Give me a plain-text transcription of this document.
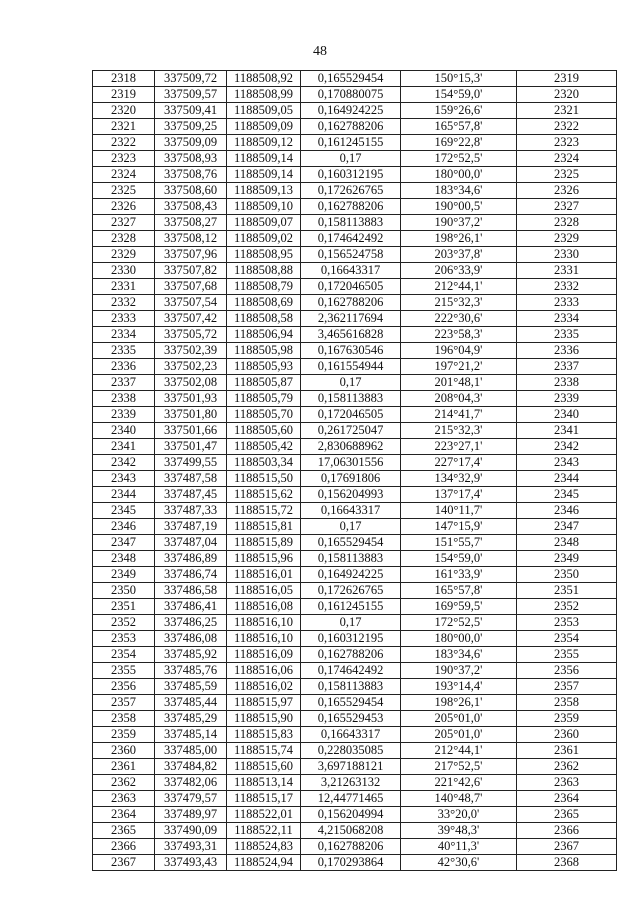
48
2318	337509,72	1188508,92	0,165529454	150°15,3'	2319
2319	337509,57	1188508,99	0,170880075	154°59,0'	2320
2320	337509,41	1188509,05	0,164924225	159°26,6'	2321
2321	337509,25	1188509,09	0,162788206	165°57,8'	2322
2322	337509,09	1188509,12	0,161245155	169°22,8'	2323
2323	337508,93	1188509,14	0,17	172°52,5'	2324
2324	337508,76	1188509,14	0,160312195	180°00,0'	2325
2325	337508,60	1188509,13	0,172626765	183°34,6'	2326
2326	337508,43	1188509,10	0,162788206	190°00,5'	2327
2327	337508,27	1188509,07	0,158113883	190°37,2'	2328
2328	337508,12	1188509,02	0,174642492	198°26,1'	2329
2329	337507,96	1188508,95	0,156524758	203°37,8'	2330
2330	337507,82	1188508,88	0,16643317	206°33,9'	2331
2331	337507,68	1188508,79	0,172046505	212°44,1'	2332
2332	337507,54	1188508,69	0,162788206	215°32,3'	2333
2333	337507,42	1188508,58	2,362117694	222°30,6'	2334
2334	337505,72	1188506,94	3,465616828	223°58,3'	2335
2335	337502,39	1188505,98	0,167630546	196°04,9'	2336
2336	337502,23	1188505,93	0,161554944	197°21,2'	2337
2337	337502,08	1188505,87	0,17	201°48,1'	2338
2338	337501,93	1188505,79	0,158113883	208°04,3'	2339
2339	337501,80	1188505,70	0,172046505	214°41,7'	2340
2340	337501,66	1188505,60	0,261725047	215°32,3'	2341
2341	337501,47	1188505,42	2,830688962	223°27,1'	2342
2342	337499,55	1188503,34	17,06301556	227°17,4'	2343
2343	337487,58	1188515,50	0,17691806	134°32,9'	2344
2344	337487,45	1188515,62	0,156204993	137°17,4'	2345
2345	337487,33	1188515,72	0,16643317	140°11,7'	2346
2346	337487,19	1188515,81	0,17	147°15,9'	2347
2347	337487,04	1188515,89	0,165529454	151°55,7'	2348
2348	337486,89	1188515,96	0,158113883	154°59,0'	2349
2349	337486,74	1188516,01	0,164924225	161°33,9'	2350
2350	337486,58	1188516,05	0,172626765	165°57,8'	2351
2351	337486,41	1188516,08	0,161245155	169°59,5'	2352
2352	337486,25	1188516,10	0,17	172°52,5'	2353
2353	337486,08	1188516,10	0,160312195	180°00,0'	2354
2354	337485,92	1188516,09	0,162788206	183°34,6'	2355
2355	337485,76	1188516,06	0,174642492	190°37,2'	2356
2356	337485,59	1188516,02	0,158113883	193°14,4'	2357
2357	337485,44	1188515,97	0,165529454	198°26,1'	2358
2358	337485,29	1188515,90	0,165529453	205°01,0'	2359
2359	337485,14	1188515,83	0,16643317	205°01,0'	2360
2360	337485,00	1188515,74	0,228035085	212°44,1'	2361
2361	337484,82	1188515,60	3,697188121	217°52,5'	2362
2362	337482,06	1188513,14	3,21263132	221°42,6'	2363
2363	337479,57	1188515,17	12,44771465	140°48,7'	2364
2364	337489,97	1188522,01	0,156204994	33°20,0'	2365
2365	337490,09	1188522,11	4,215068208	39°48,3'	2366
2366	337493,31	1188524,83	0,162788206	40°11,3'	2367
2367	337493,43	1188524,94	0,170293864	42°30,6'	2368
